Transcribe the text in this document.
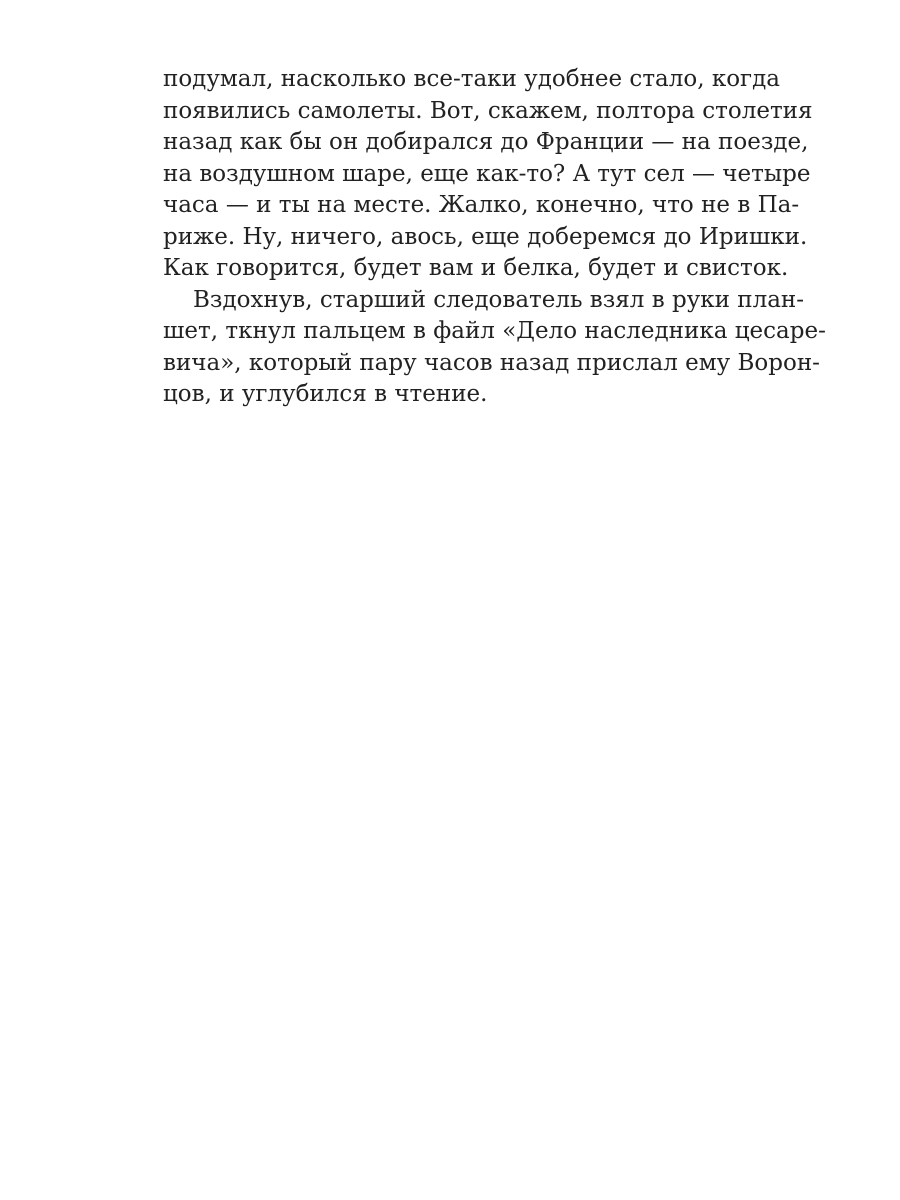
подумал, насколько все-таки удобнее стало, когда
появились самолеты. Вот, скажем, полтора столетия
назад как бы он добирался до Франции — на поезде,
на воздушном шаре, еще как-то? А тут сел — четыре
часа — и ты на месте. Жалко, конечно, что не в Па-
риже. Ну, ничего, авось, еще доберемся до Иришки.
Как говорится, будет вам и белка, будет и свисток.
Вздохнув, старший следователь взял в руки план-
шет, ткнул пальцем в файл «Дело наследника цесаре-
вича», который пару часов назад прислал ему Ворон-
цов, и углубился в чтение.
